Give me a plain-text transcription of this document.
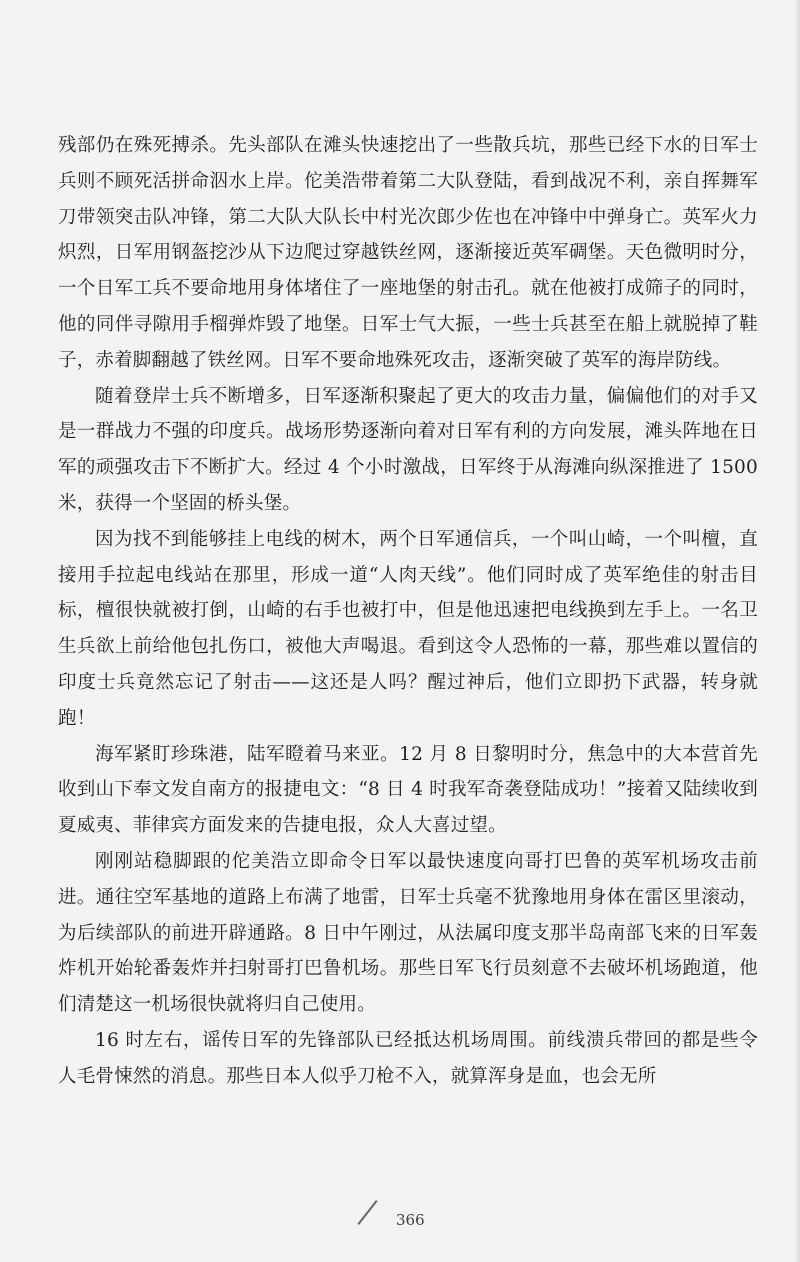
残部仍在殊死搏杀。先头部队在滩头快速挖出了一些散兵坑，那些已经下水的日军士兵则不顾死活拼命泅水上岸。佗美浩带着第二大队登陆，看到战况不利，亲自挥舞军刀带领突击队冲锋，第二大队大队长中村光次郎少佐也在冲锋中中弹身亡。英军火力炽烈，日军用钢盔挖沙从下边爬过穿越铁丝网，逐渐接近英军碉堡。天色微明时分，一个日军工兵不要命地用身体堵住了一座地堡的射击孔。就在他被打成筛子的同时，他的同伴寻隙用手榴弹炸毁了地堡。日军士气大振，一些士兵甚至在船上就脱掉了鞋子，赤着脚翻越了铁丝网。日军不要命地殊死攻击，逐渐突破了英军的海岸防线。

随着登岸士兵不断增多，日军逐渐积聚起了更大的攻击力量，偏偏他们的对手又是一群战力不强的印度兵。战场形势逐渐向着对日军有利的方向发展，滩头阵地在日军的顽强攻击下不断扩大。经过 4 个小时激战，日军终于从海滩向纵深推进了 1500 米，获得一个坚固的桥头堡。

因为找不到能够挂上电线的树木，两个日军通信兵，一个叫山崎，一个叫檀，直接用手拉起电线站在那里，形成一道“人肉天线”。他们同时成了英军绝佳的射击目标，檀很快就被打倒，山崎的右手也被打中，但是他迅速把电线换到左手上。一名卫生兵欲上前给他包扎伤口，被他大声喝退。看到这令人恐怖的一幕，那些难以置信的印度士兵竟然忘记了射击——这还是人吗？醒过神后，他们立即扔下武器，转身就跑！

海军紧盯珍珠港，陆军瞪着马来亚。12 月 8 日黎明时分，焦急中的大本营首先收到山下奉文发自南方的报捷电文：“8 日 4 时我军奇袭登陆成功！”接着又陆续收到夏威夷、菲律宾方面发来的告捷电报，众人大喜过望。

刚刚站稳脚跟的佗美浩立即命令日军以最快速度向哥打巴鲁的英军机场攻击前进。通往空军基地的道路上布满了地雷，日军士兵毫不犹豫地用身体在雷区里滚动，为后续部队的前进开辟通路。8 日中午刚过，从法属印度支那半岛南部飞来的日军轰炸机开始轮番轰炸并扫射哥打巴鲁机场。那些日军飞行员刻意不去破坏机场跑道，他们清楚这一机场很快就将归自己使用。

16 时左右，谣传日军的先锋部队已经抵达机场周围。前线溃兵带回的都是些令人毛骨悚然的消息。那些日本人似乎刀枪不入，就算浑身是血，也会无所

366
